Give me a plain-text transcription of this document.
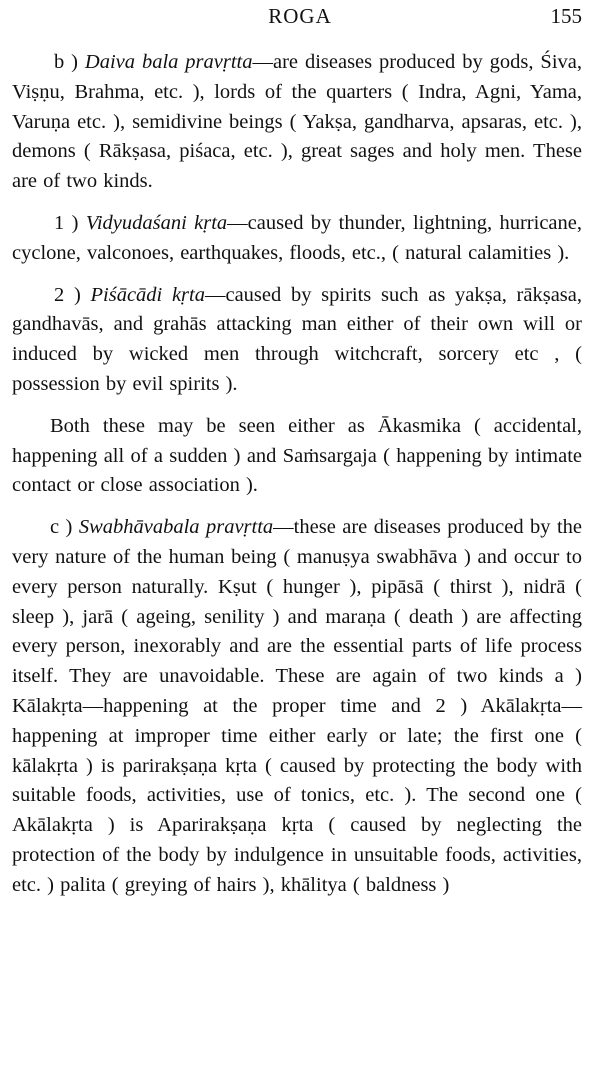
ROGA	155

b ) Daiva bala pravṛtta—are diseases produced by gods, Śiva, Viṣṇu, Brahma, etc. ), lords of the quarters ( Indra, Agni, Yama, Varuṇa etc. ), semidivine beings ( Yakṣa, gandharva, apsaras, etc. ), demons ( Rākṣasa, piśaca, etc. ), great sages and holy men. These are of two kinds.

1 ) Vidyudaśani kṛta—caused by thunder, lightning, hurricane, cyclone, valconoes, earthquakes, floods, etc., ( natural calamities ).

2 ) Piśācādi kṛta—caused by spirits such as yakṣa, rākṣasa, gandhavās, and grahās attacking man either of their own will or induced by wicked men through witchcraft, sorcery etc , ( possession by evil spirits ).

Both these may be seen either as Ākasmika ( accidental, happening all of a sudden ) and Saṁsargaja ( happening by intimate contact or close association ).

c ) Swabhāvabala pravṛtta—these are diseases produced by the very nature of the human being ( manuṣya swabhāva ) and occur to every person naturally. Kṣut ( hunger ), pipāsā ( thirst ), nidrā ( sleep ), jarā ( ageing, senility ) and maraṇa ( death ) are affecting every person, inexorably and are the essential parts of life process itself. They are unavoidable. These are again of two kinds a ) Kālakṛta—happening at the proper time and 2 ) Akālakṛta—happening at improper time either early or late; the first one ( kālakṛta ) is parirakṣaṇa kṛta ( caused by protecting the body with suitable foods, activities, use of tonics, etc. ). The second one ( Akālakṛta ) is Aparirakṣaṇa kṛta ( caused by neglecting the protection of the body by indulgence in unsuitable foods, activities, etc. ) palita ( greying of hairs ), khālitya ( baldness )
